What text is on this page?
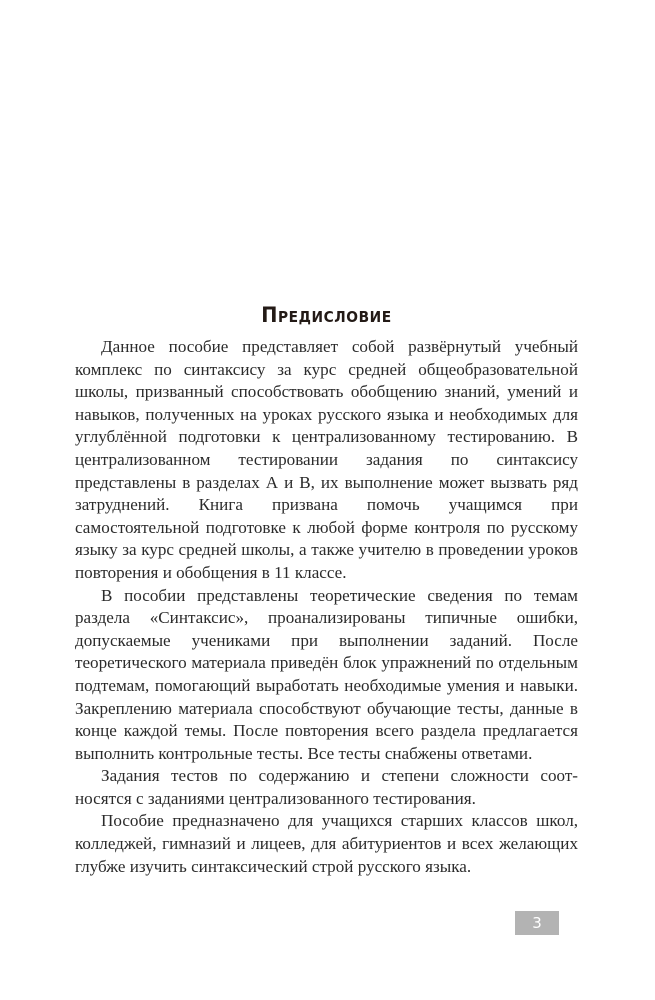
Предисловие

Данное пособие представляет собой развёрнутый учебный комплекс по синтаксису за курс средней общеобразовательной школы, призванный способствовать обобщению знаний, умений и навыков, полученных на уроках русского языка и необходимых для углублённой подготовки к централизованному тестированию. В централизованном тестировании задания по синтаксису представлены в разделах А и В, их выполнение может вызвать ряд затруднений. Книга призвана помочь учащимся при самостоятельной подготовке к любой форме контроля по русскому языку за курс средней школы, а также учителю в проведении уроков повторения и обобщения в 11 классе.

В пособии представлены теоретические сведения по темам раздела «Синтаксис», проанализированы типичные ошибки, допускаемые учениками при выполнении заданий. После теоретического материала приведён блок упражнений по отдельным подтемам, помогающий выработать необходимые умения и навыки. Закреплению материала способствуют обучающие тесты, данные в конце каждой темы. После повторения всего раздела предлагается выполнить контрольные тесты. Все тесты снабжены ответами.

Задания тестов по содержанию и степени сложности соотносятся с заданиями централизованного тестирования.

Пособие предназначено для учащихся старших классов школ, колледжей, гимназий и лицеев, для абитуриентов и всех желающих глубже изучить синтаксический строй русского языка.

3
